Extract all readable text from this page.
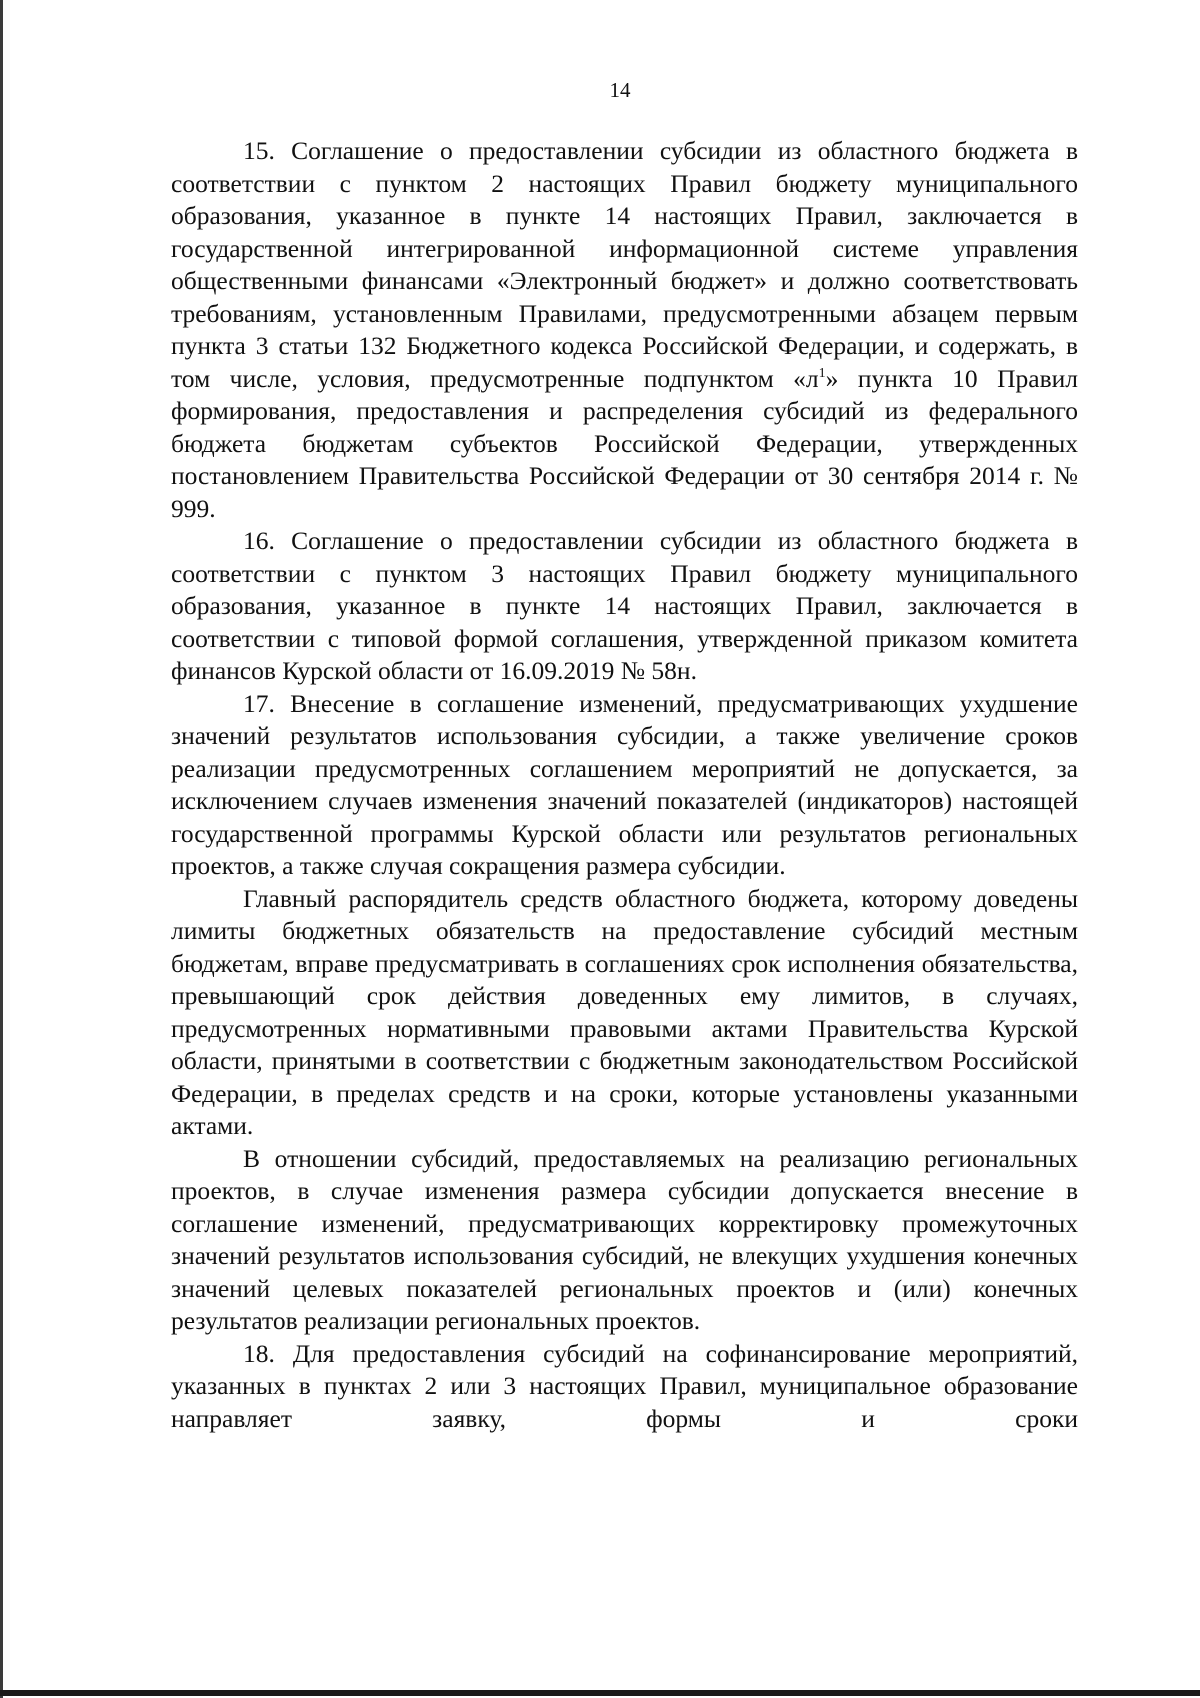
14

15. Соглашение о предоставлении субсидии из областного бюджета в соответствии с пунктом 2 настоящих Правил бюджету муниципального образования, указанное в пункте 14 настоящих Правил, заключается в государственной интегрированной информационной системе управления общественными финансами «Электронный бюджет» и должно соответствовать требованиям, установленным Правилами, предусмотренными абзацем первым пункта 3 статьи 132 Бюджетного кодекса Российской Федерации, и содержать, в том числе, условия, предусмотренные подпунктом «$л^1$» пункта 10 Правил формирования, предоставления и распределения субсидий из федерального бюджета бюджетам субъектов Российской Федерации, утвержденных постановлением Правительства Российской Федерации от 30 сентября 2014 г. № 999.

16. Соглашение о предоставлении субсидии из областного бюджета в соответствии с пунктом 3 настоящих Правил бюджету муниципального образования, указанное в пункте 14 настоящих Правил, заключается в соответствии с типовой формой соглашения, утвержденной приказом комитета финансов Курской области от 16.09.2019 № 58н.

17. Внесение в соглашение изменений, предусматривающих ухудшение значений результатов использования субсидии, а также увеличение сроков реализации предусмотренных соглашением мероприятий не допускается, за исключением случаев изменения значений показателей (индикаторов) настоящей государственной программы Курской области или результатов региональных проектов, а также случая сокращения размера субсидии.

Главный распорядитель средств областного бюджета, которому доведены лимиты бюджетных обязательств на предоставление субсидий местным бюджетам, вправе предусматривать в соглашениях срок исполнения обязательства, превышающий срок действия доведенных ему лимитов, в случаях, предусмотренных нормативными правовыми актами Правительства Курской области, принятыми в соответствии с бюджетным законодательством Российской Федерации, в пределах средств и на сроки, которые установлены указанными актами.

В отношении субсидий, предоставляемых на реализацию региональных проектов, в случае изменения размера субсидии допускается внесение в соглашение изменений, предусматривающих корректировку промежуточных значений результатов использования субсидий, не влекущих ухудшения конечных значений целевых показателей региональных проектов и (или) конечных результатов реализации региональных проектов.

18. Для предоставления субсидий на софинансирование мероприятий, указанных в пунктах 2 или 3 настоящих Правил, муниципальное образование направляет заявку, формы и сроки
